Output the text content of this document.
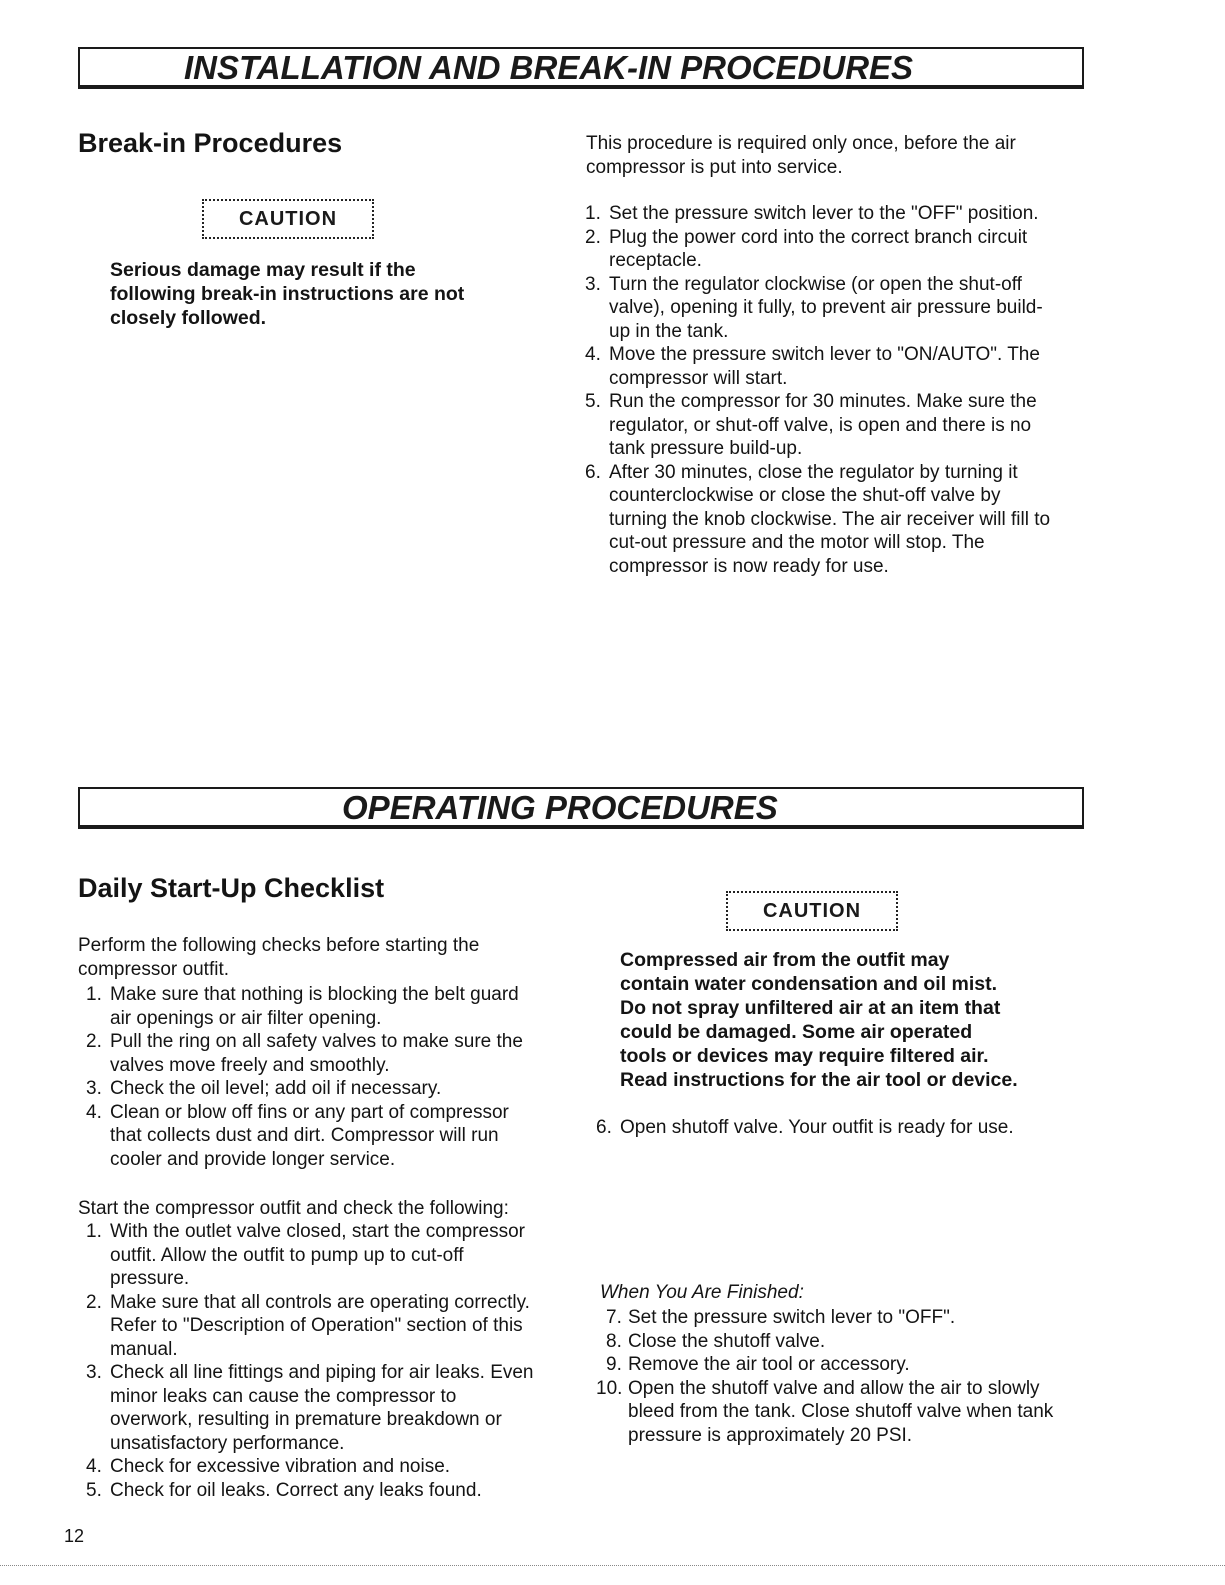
INSTALLATION AND BREAK-IN PROCEDURES
Break-in Procedures
CAUTION

Serious damage may result if the following break-in instructions are not closely followed.

This procedure is required only once, before the air compressor is put into service.

1. Set the pressure switch lever to the "OFF" position.
2. Plug the power cord into the correct branch circuit receptacle.
3. Turn the regulator clockwise (or open the shut-off valve), opening it fully, to prevent air pressure build-up in the tank.
4. Move the pressure switch lever to "ON/AUTO". The compressor will start.
5. Run the compressor for 30 minutes. Make sure the regulator, or shut-off valve, is open and there is no tank pressure build-up.
6. After 30 minutes, close the regulator by turning it counterclockwise or close the shut-off valve by turning the knob clockwise. The air receiver will fill to cut-out pressure and the motor will stop. The compressor is now ready for use.
OPERATING PROCEDURES
Daily Start-Up Checklist

Perform the following checks before starting the compressor outfit.

1. Make sure that nothing is blocking the belt guard air openings or air filter opening.
2. Pull the ring on all safety valves to make sure the valves move freely and smoothly.
3. Check the oil level; add oil if necessary.
4. Clean or blow off fins or any part of compressor that collects dust and dirt. Compressor will run cooler and provide longer service.

Start the compressor outfit and check the following:

1. With the outlet valve closed, start the compressor outfit. Allow the outfit to pump up to cut-off pressure.
2. Make sure that all controls are operating correctly. Refer to "Description of Operation" section of this manual.
3. Check all line fittings and piping for air leaks. Even minor leaks can cause the compressor to overwork, resulting in premature breakdown or unsatisfactory performance.
4. Check for excessive vibration and noise.
5. Check for oil leaks. Correct any leaks found.
CAUTION

Compressed air from the outfit may contain water condensation and oil mist. Do not spray unfiltered air at an item that could be damaged. Some air operated tools or devices may require filtered air. Read instructions for the air tool or device.

6. Open shutoff valve. Your outfit is ready for use.

When You Are Finished:

7. Set the pressure switch lever to "OFF".
8. Close the shutoff valve.
9. Remove the air tool or accessory.
10. Open the shutoff valve and allow the air to slowly bleed from the tank. Close shutoff valve when tank pressure is approximately 20 PSI.
12
